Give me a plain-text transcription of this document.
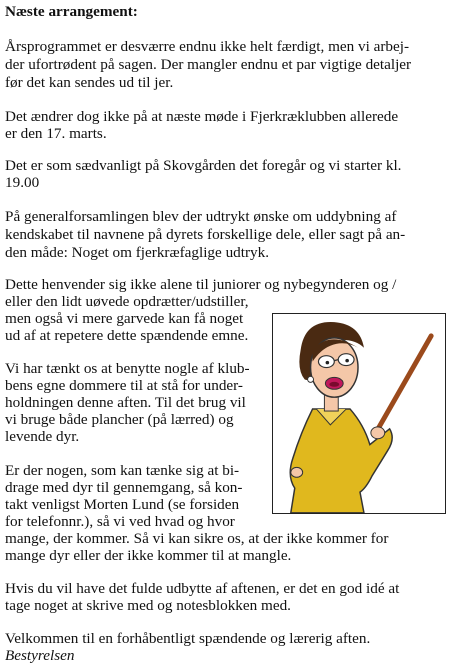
Næste arrangement:

Årsprogrammet er desværre endnu ikke helt færdigt, men vi arbej-

der ufortrødent på sagen. Der mangler endnu et par vigtige detaljer

før det kan sendes ud til jer.

Det ændrer dog ikke på at næste møde i Fjerkræklubben allerede

er den 17. marts.

Det er som sædvanligt på Skovgården det foregår og vi starter kl.

19.00

På generalforsamlingen blev der udtrykt ønske om uddybning af

kendskabet til navnene på dyrets forskellige dele, eller sagt på an-

den måde: Noget om fjerkræfaglige udtryk.

Dette henvender sig ikke alene til juniorer og nybegynderen og /

eller den lidt uøvede opdrætter/udstiller,

men også vi mere garvede kan få noget

ud af at repetere dette spændende emne.

Vi har tænkt os at benytte nogle af klub-

bens egne dommere til at stå for under-

holdningen denne aften. Til det brug vil

vi bruge både plancher (på lærred) og

levende dyr.

Er der nogen, som kan tænke sig at bi-

drage med dyr til gennemgang, så kon-

takt venligst Morten Lund (se forsiden

for telefonnr.), så vi ved hvad og hvor

mange, der kommer. Så vi kan sikre os, at der ikke kommer for

mange dyr eller der ikke kommer til at mangle.

Hvis du vil have det fulde udbytte af aftenen, er det en god idé at

tage noget at skrive med og notesblokken med.

Velkommen til en forhåbentligt spændende og lærerig aften.

Bestyrelsen
